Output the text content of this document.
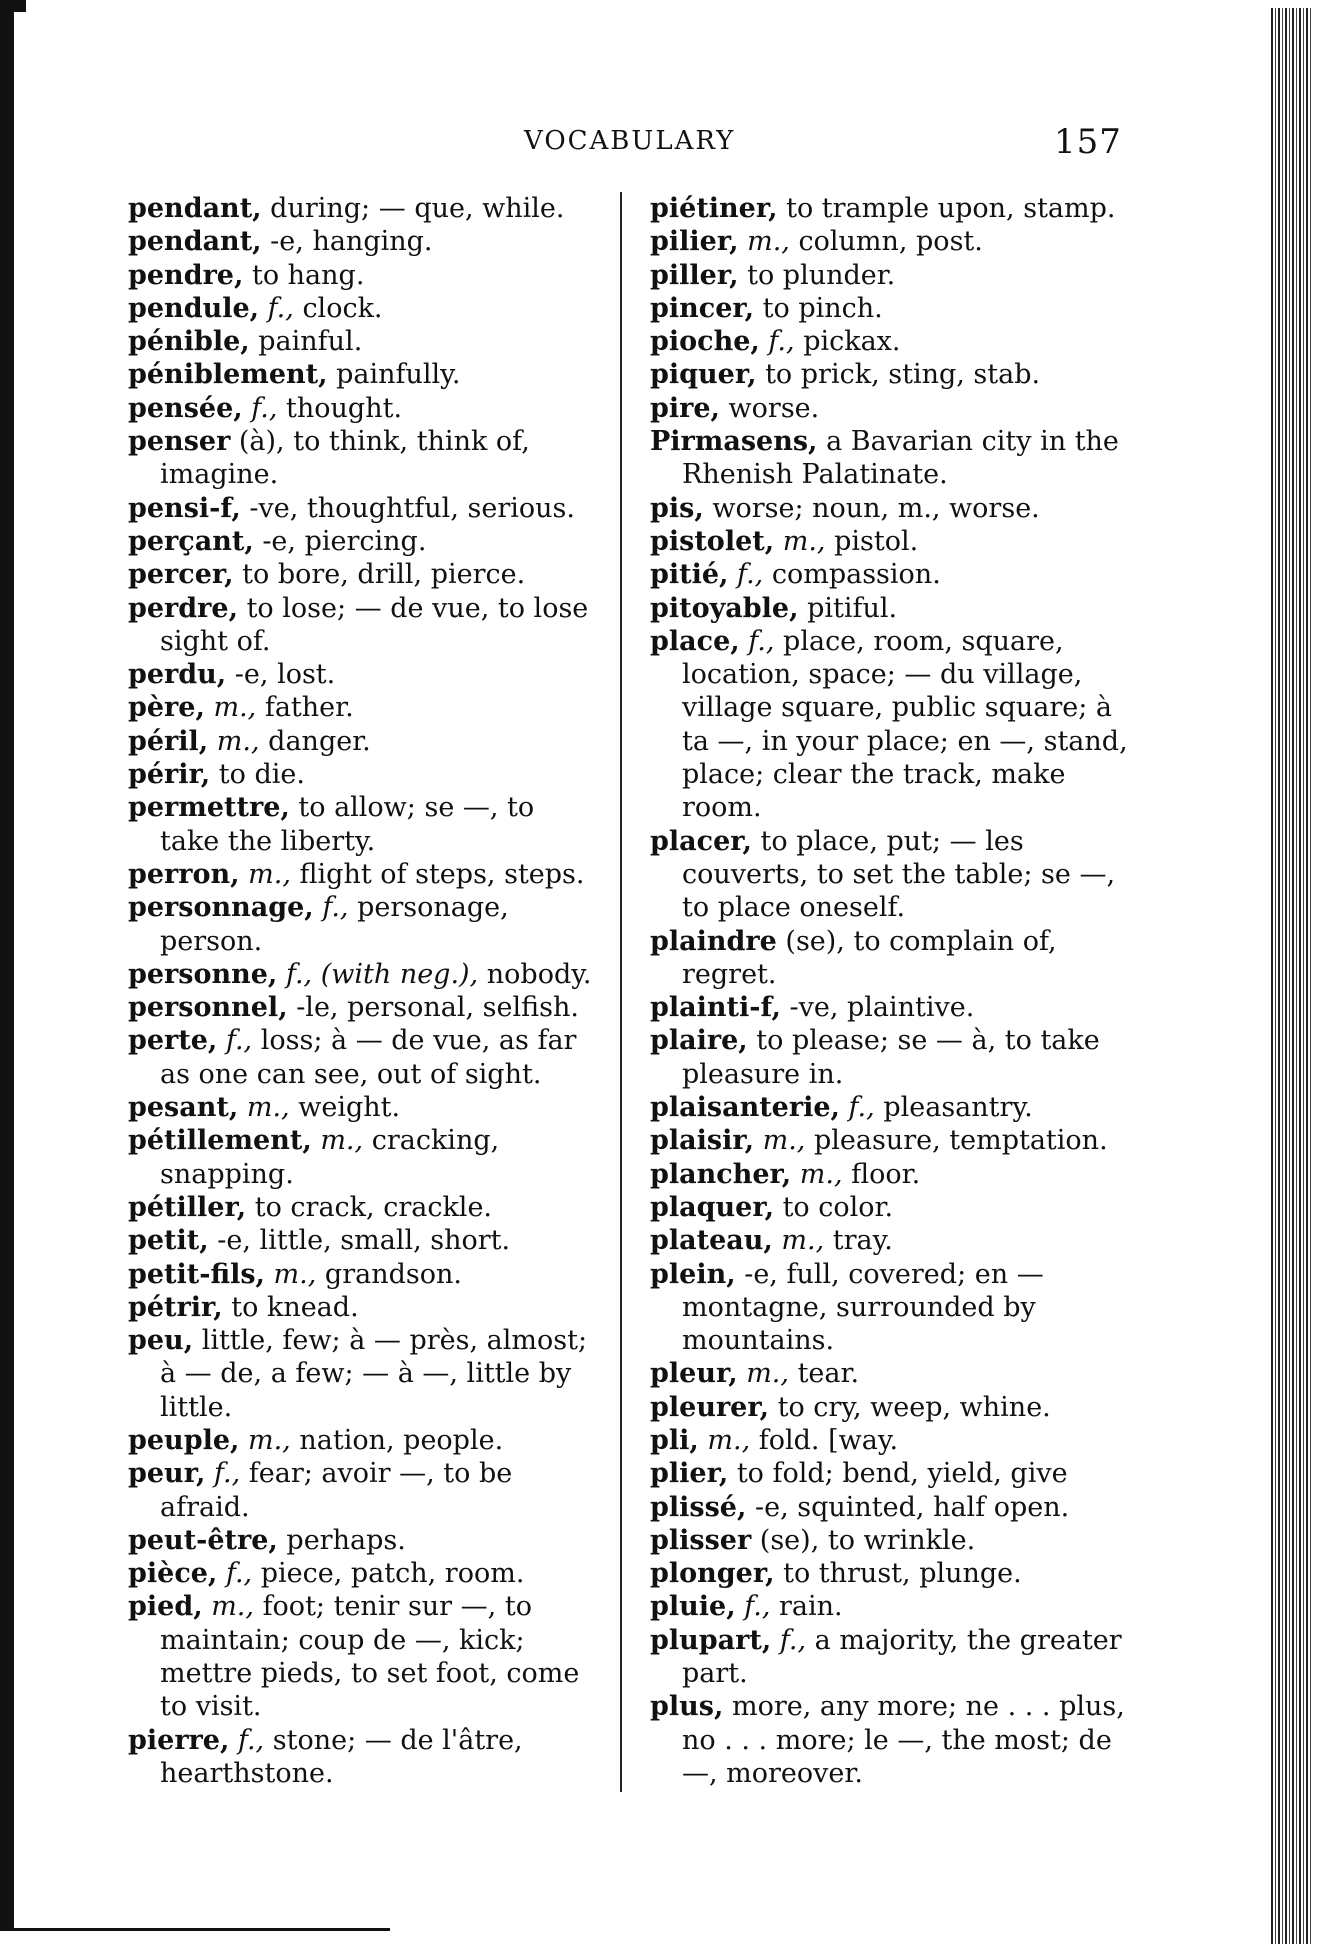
VOCABULARY	157
pendant, during; — que, while.
pendant, -e, hanging.
pendre, to hang.
pendule, f., clock.
pénible, painful.
péniblement, painfully.
pensée, f., thought.
penser (à), to think, think of, imagine.
pensi-f, -ve, thoughtful, serious.
perçant, -e, piercing.
percer, to bore, drill, pierce.
perdre, to lose; — de vue, to lose sight of.
perdu, -e, lost.
père, m., father.
péril, m., danger.
périr, to die.
permettre, to allow; se —, to take the liberty.
perron, m., flight of steps, steps.
personnage, f., personage, person.
personne, f., (with neg.), nobody.
personnel, -le, personal, selfish.
perte, f., loss; à — de vue, as far as one can see, out of sight.
pesant, m., weight.
pétillement, m., cracking, snapping.
pétiller, to crack, crackle.
petit, -e, little, small, short.
petit-fils, m., grandson.
pétrir, to knead.
peu, little, few; à — près, almost; à — de, a few; — à —, little by little.
peuple, m., nation, people.
peur, f., fear; avoir —, to be afraid.
peut-être, perhaps.
pièce, f., piece, patch, room.
pied, m., foot; tenir sur —, to maintain; coup de —, kick; mettre pieds, to set foot, come to visit.
pierre, f., stone; — de l'âtre, hearthstone.
piétiner, to trample upon, stamp.
pilier, m., column, post.
piller, to plunder.
pincer, to pinch.
pioche, f., pickax.
piquer, to prick, sting, stab.
pire, worse.
Pirmasens, a Bavarian city in the Rhenish Palatinate.
pis, worse; noun, m., worse.
pistolet, m., pistol.
pitié, f., compassion.
pitoyable, pitiful.
place, f., place, room, square, location, space; — du village, village square, public square; à ta —, in your place; en —, stand, place; clear the track, make room.
placer, to place, put; — les couverts, to set the table; se —, to place oneself.
plaindre (se), to complain of, regret.
plainti-f, -ve, plaintive.
plaire, to please; se — à, to take pleasure in.
plaisanterie, f., pleasantry.
plaisir, m., pleasure, temptation.
plancher, m., floor.
plaquer, to color.
plateau, m., tray.
plein, -e, full, covered; en — montagne, surrounded by mountains.
pleur, m., tear.
pleurer, to cry, weep, whine.
pli, m., fold. [way.
plier, to fold; bend, yield, give
plissé, -e, squinted, half open.
plisser (se), to wrinkle.
plonger, to thrust, plunge.
pluie, f., rain.
plupart, f., a majority, the greater part.
plus, more, any more; ne . . . plus, no . . . more; le —, the most; de —, moreover.
